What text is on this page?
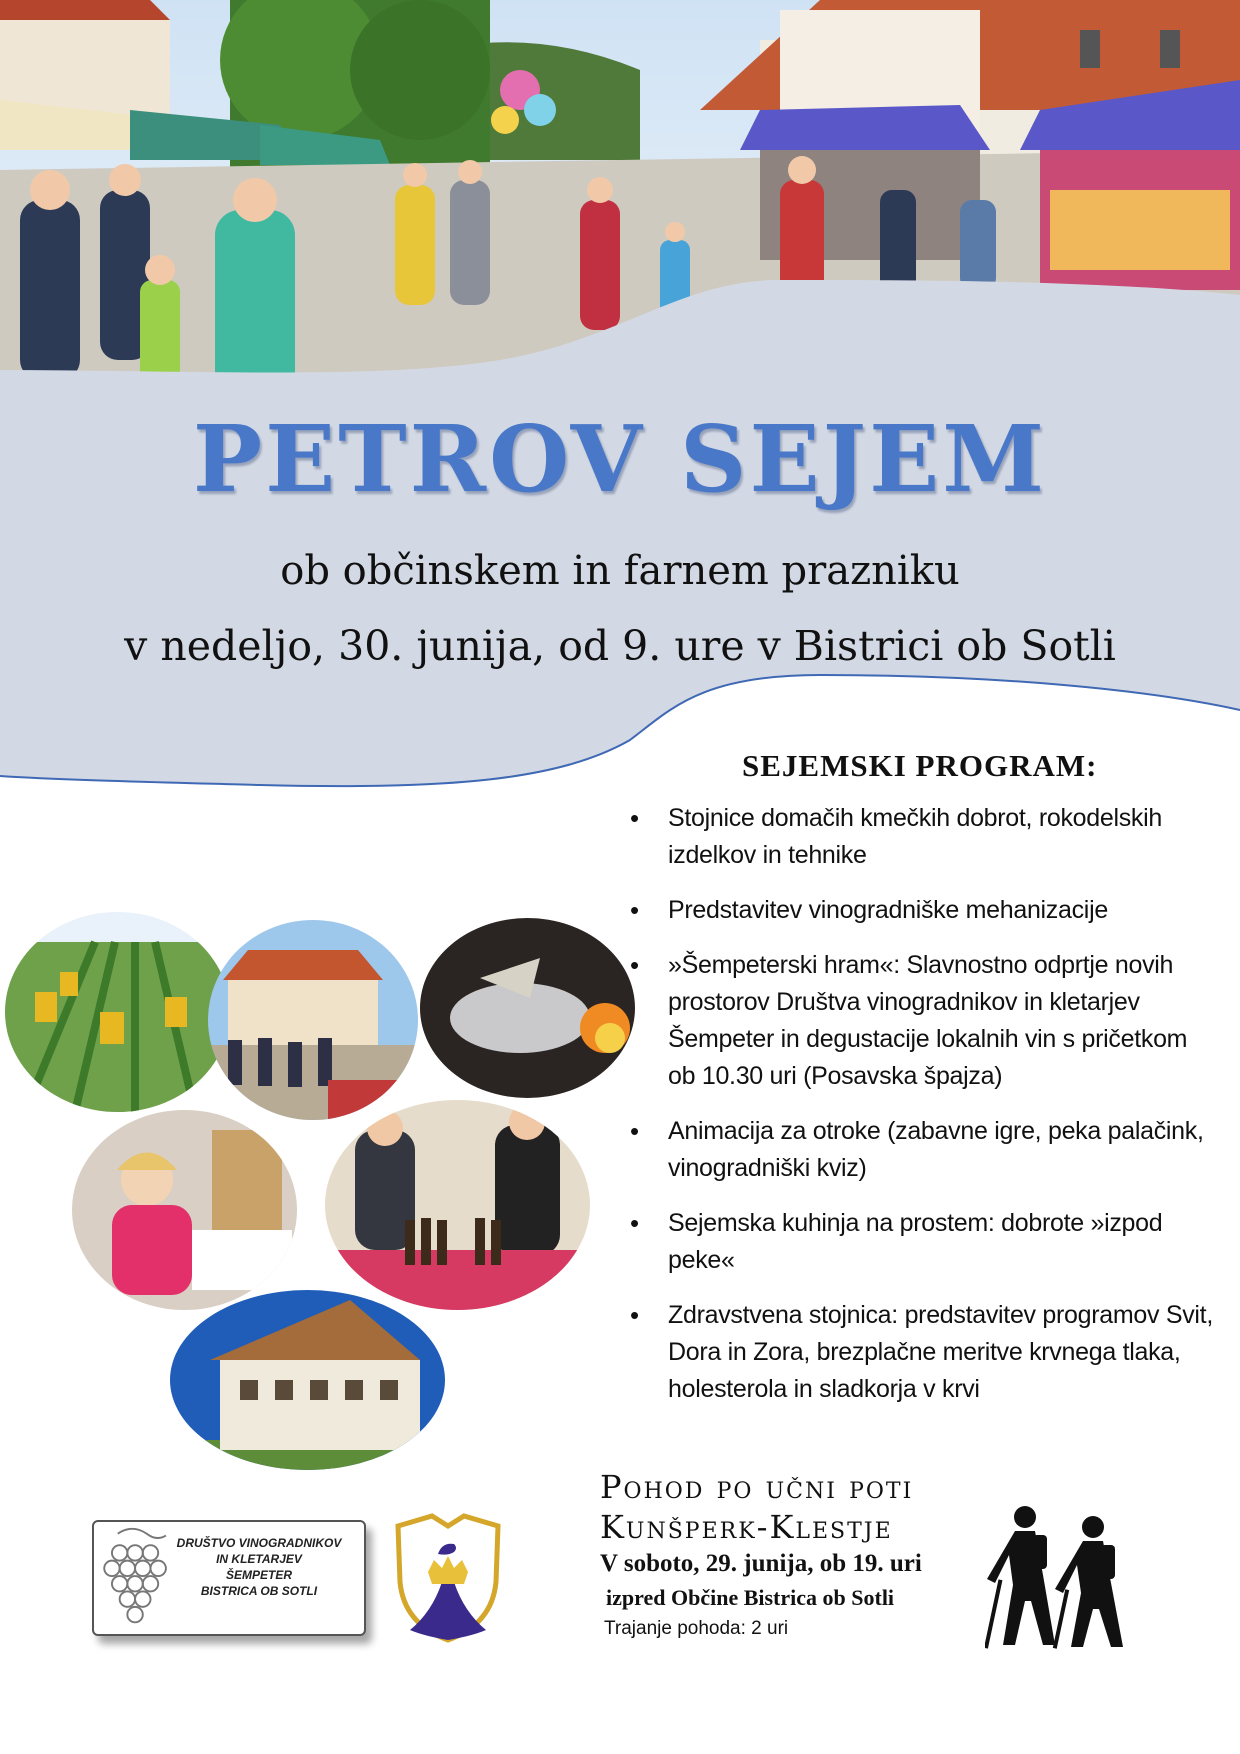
PETROV SEJEM

ob občinskem in farnem prazniku

v nedeljo, 30. junija, od 9. ure v Bistrici ob Sotli

SEJEMSKI PROGRAM:
• Stojnice domačih kmečkih dobrot, rokodelskih izdelkov in tehnike
• Predstavitev vinogradniške mehanizacije
• »Šempeterski hram«: Slavnostno odprtje novih prostorov Društva vinogradnikov in kletarjev Šempeter in degustacije lokalnih vin s pričetkom ob 10.30 uri (Posavska špajza)
• Animacija za otroke (zabavne igre, peka palačink, vinogradniški kviz)
• Sejemska kuhinja na prostem: dobrote »izpod peke«
• Zdravstvena stojnica: predstavitev programov Svit, Dora in Zora, brezplačne meritve krvnega tlaka, holesterola in sladkorja v krvi

Pohod po učni poti

Kunšperk-Klestje

V soboto, 29. junija, ob 19. uri

izpred Občine Bistrica ob Sotli

Trajanje pohoda: 2 uri

DRUŠTVO VINOGRADNIKOV
IN KLETARJEV
ŠEMPETER
BISTRICA OB SOTLI
